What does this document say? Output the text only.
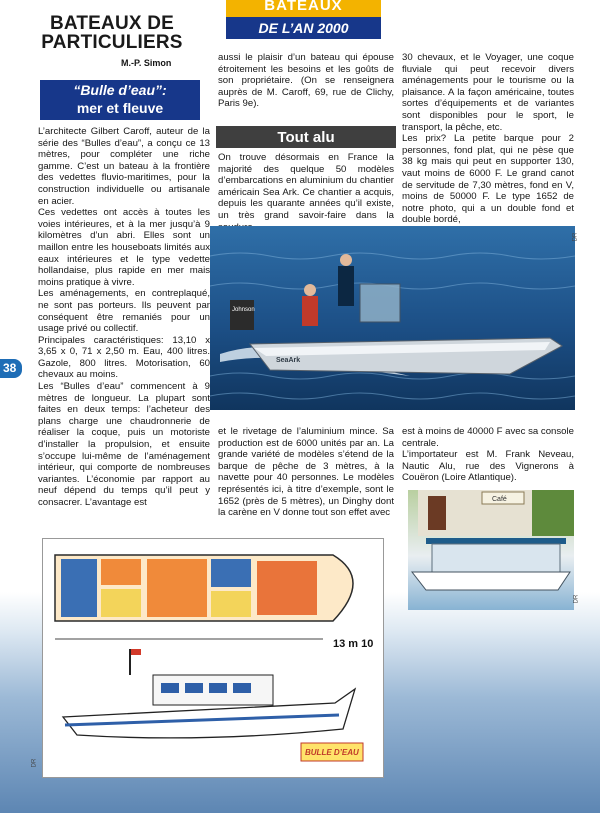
BATEAUX DE PARTICULIERS
M.-P. Simon
“Bulle d’eau”:
mer et fleuve
BATEAUX
DE L’AN 2000
38

L’architecte Gilbert Caroff, auteur de la série des “Bulles d’eau”, a conçu ce 13 mètres, pour compléter une riche gamme. C’est un bateau à la frontière des vedettes fluvio-maritimes, pour la construction individuelle ou artisanale en acier.

Ces vedettes ont accès à toutes les voies intérieures, et à la mer jusqu’à 9 kilomètres d’un abri. Elles sont un maillon entre les houseboats limités aux eaux intérieures et le type vedette hollandaise, plus rapide en mer mais moins pratique à vivre.

Les aménagements, en contreplaqué, ne sont pas porteurs. Ils peuvent par conséquent être remaniés pour un usage privé ou collectif.

Principales caractéristiques: 13,10 x 3,65 x 0, 71 x 2,50 m. Eau, 400 litres. Gazole, 800 litres. Motorisation, 60 chevaux au moins.

Les “Bulles d’eau” commencent à 9 mètres de longueur. La plupart sont faites en deux temps: l’acheteur des plans charge une chaudronnerie de réaliser la coque, puis un motoriste d’installer la propulsion, et ensuite s’occupe lui-même de l’aménagement intérieur, qui comporte de nombreuses variantes. L’économie par rapport au neuf dépend du temps qu’il peut y consacrer. L’avantage est

aussi le plaisir d’un bateau qui épouse étroitement les besoins et les goûts de son propriétaire. (On se renseignera auprès de M. Caroff, 69, rue de Clichy, Paris 9e).

Tout alu

On trouve désormais en France la majorité des quelque 50 modèles d’embarcations en aluminium du chantier américain Sea Ark. Ce chantier a acquis, depuis les quarante années qu’il existe, un très grand savoir-faire dans la

30 chevaux, et le Voyager, une coque fluviale qui peut recevoir divers aménagements pour le tourisme ou la plaisance. A la façon américaine, toutes sortes d’équipements et de variantes sont disponibles pour le sport, le transport, la pêche, etc.

Les prix? La petite barque pour 2 personnes, fond plat, qui ne pèse que 38 kg mais qui peut en supporter 130, vaut moins de 6000 F. Le grand canot de servitude de 7,30 mètres, fond en V, moins de 50000 F. Le type 1652 de notre photo, qui a un double fond et double bordé,

Johnson
SeaArk
DR

et le rivetage de l’aluminium mince. Sa production est de 6000 unités par an. La grande variété de modèles s’étend de la barque de pêche de 3 mètres, à la navette pour 40 personnes. Le modèles représentés ici, à titre d’exemple, sont le 1652 (près de 5 mètres), un Dinghy dont la carène en V donne tout son effet avec

est à moins de 40000 F avec sa console centrale.

L’importateur est M. Frank Neveau, Nautic Alu, rue des Vignerons à Couëron (Loire Atlantique).

Café
DR
13 m 10
BULLE D’EAU
DR
